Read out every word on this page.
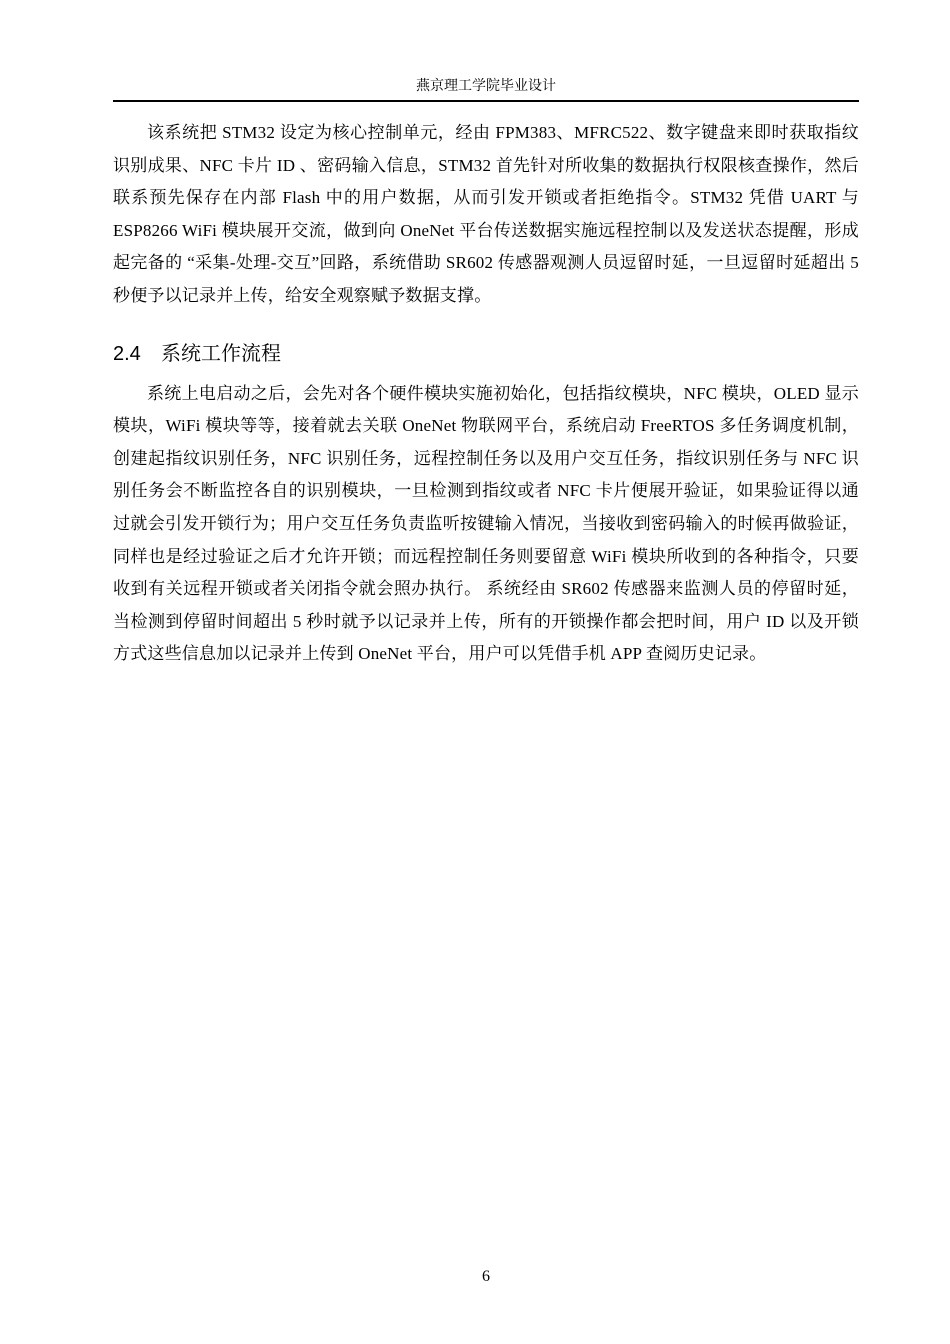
燕京理工学院毕业设计

该系统把 STM32 设定为核心控制单元，经由 FPM383、MFRC522、数字键盘来即时获取指纹识别成果、NFC 卡片 ID 、密码输入信息，STM32 首先针对所收集的数据执行权限核查操作，然后联系预先保存在内部 Flash 中的用户数据，从而引发开锁或者拒绝指令。STM32 凭借 UART 与 ESP8266 WiFi 模块展开交流，做到向 OneNet 平台传送数据实施远程控制以及发送状态提醒，形成起完备的 “采集-处理-交互”回路，系统借助 SR602 传感器观测人员逗留时延，一旦逗留时延超出 5 秒便予以记录并上传，给安全观察赋予数据支撑。

2.4 系统工作流程

系统上电启动之后，会先对各个硬件模块实施初始化，包括指纹模块，NFC 模块，OLED 显示模块，WiFi 模块等等，接着就去关联 OneNet 物联网平台，系统启动 FreeRTOS 多任务调度机制，创建起指纹识别任务，NFC 识别任务，远程控制任务以及用户交互任务，指纹识别任务与 NFC 识别任务会不断监控各自的识别模块，一旦检测到指纹或者 NFC 卡片便展开验证，如果验证得以通过就会引发开锁行为；用户交互任务负责监听按键输入情况，当接收到密码输入的时候再做验证，同样也是经过验证之后才允许开锁；而远程控制任务则要留意 WiFi 模块所收到的各种指令，只要收到有关远程开锁或者关闭指令就会照办执行。 系统经由 SR602 传感器来监测人员的停留时延，当检测到停留时间超出 5 秒时就予以记录并上传，所有的开锁操作都会把时间，用户 ID 以及开锁方式这些信息加以记录并上传到 OneNet 平台，用户可以凭借手机 APP 查阅历史记录。

6
